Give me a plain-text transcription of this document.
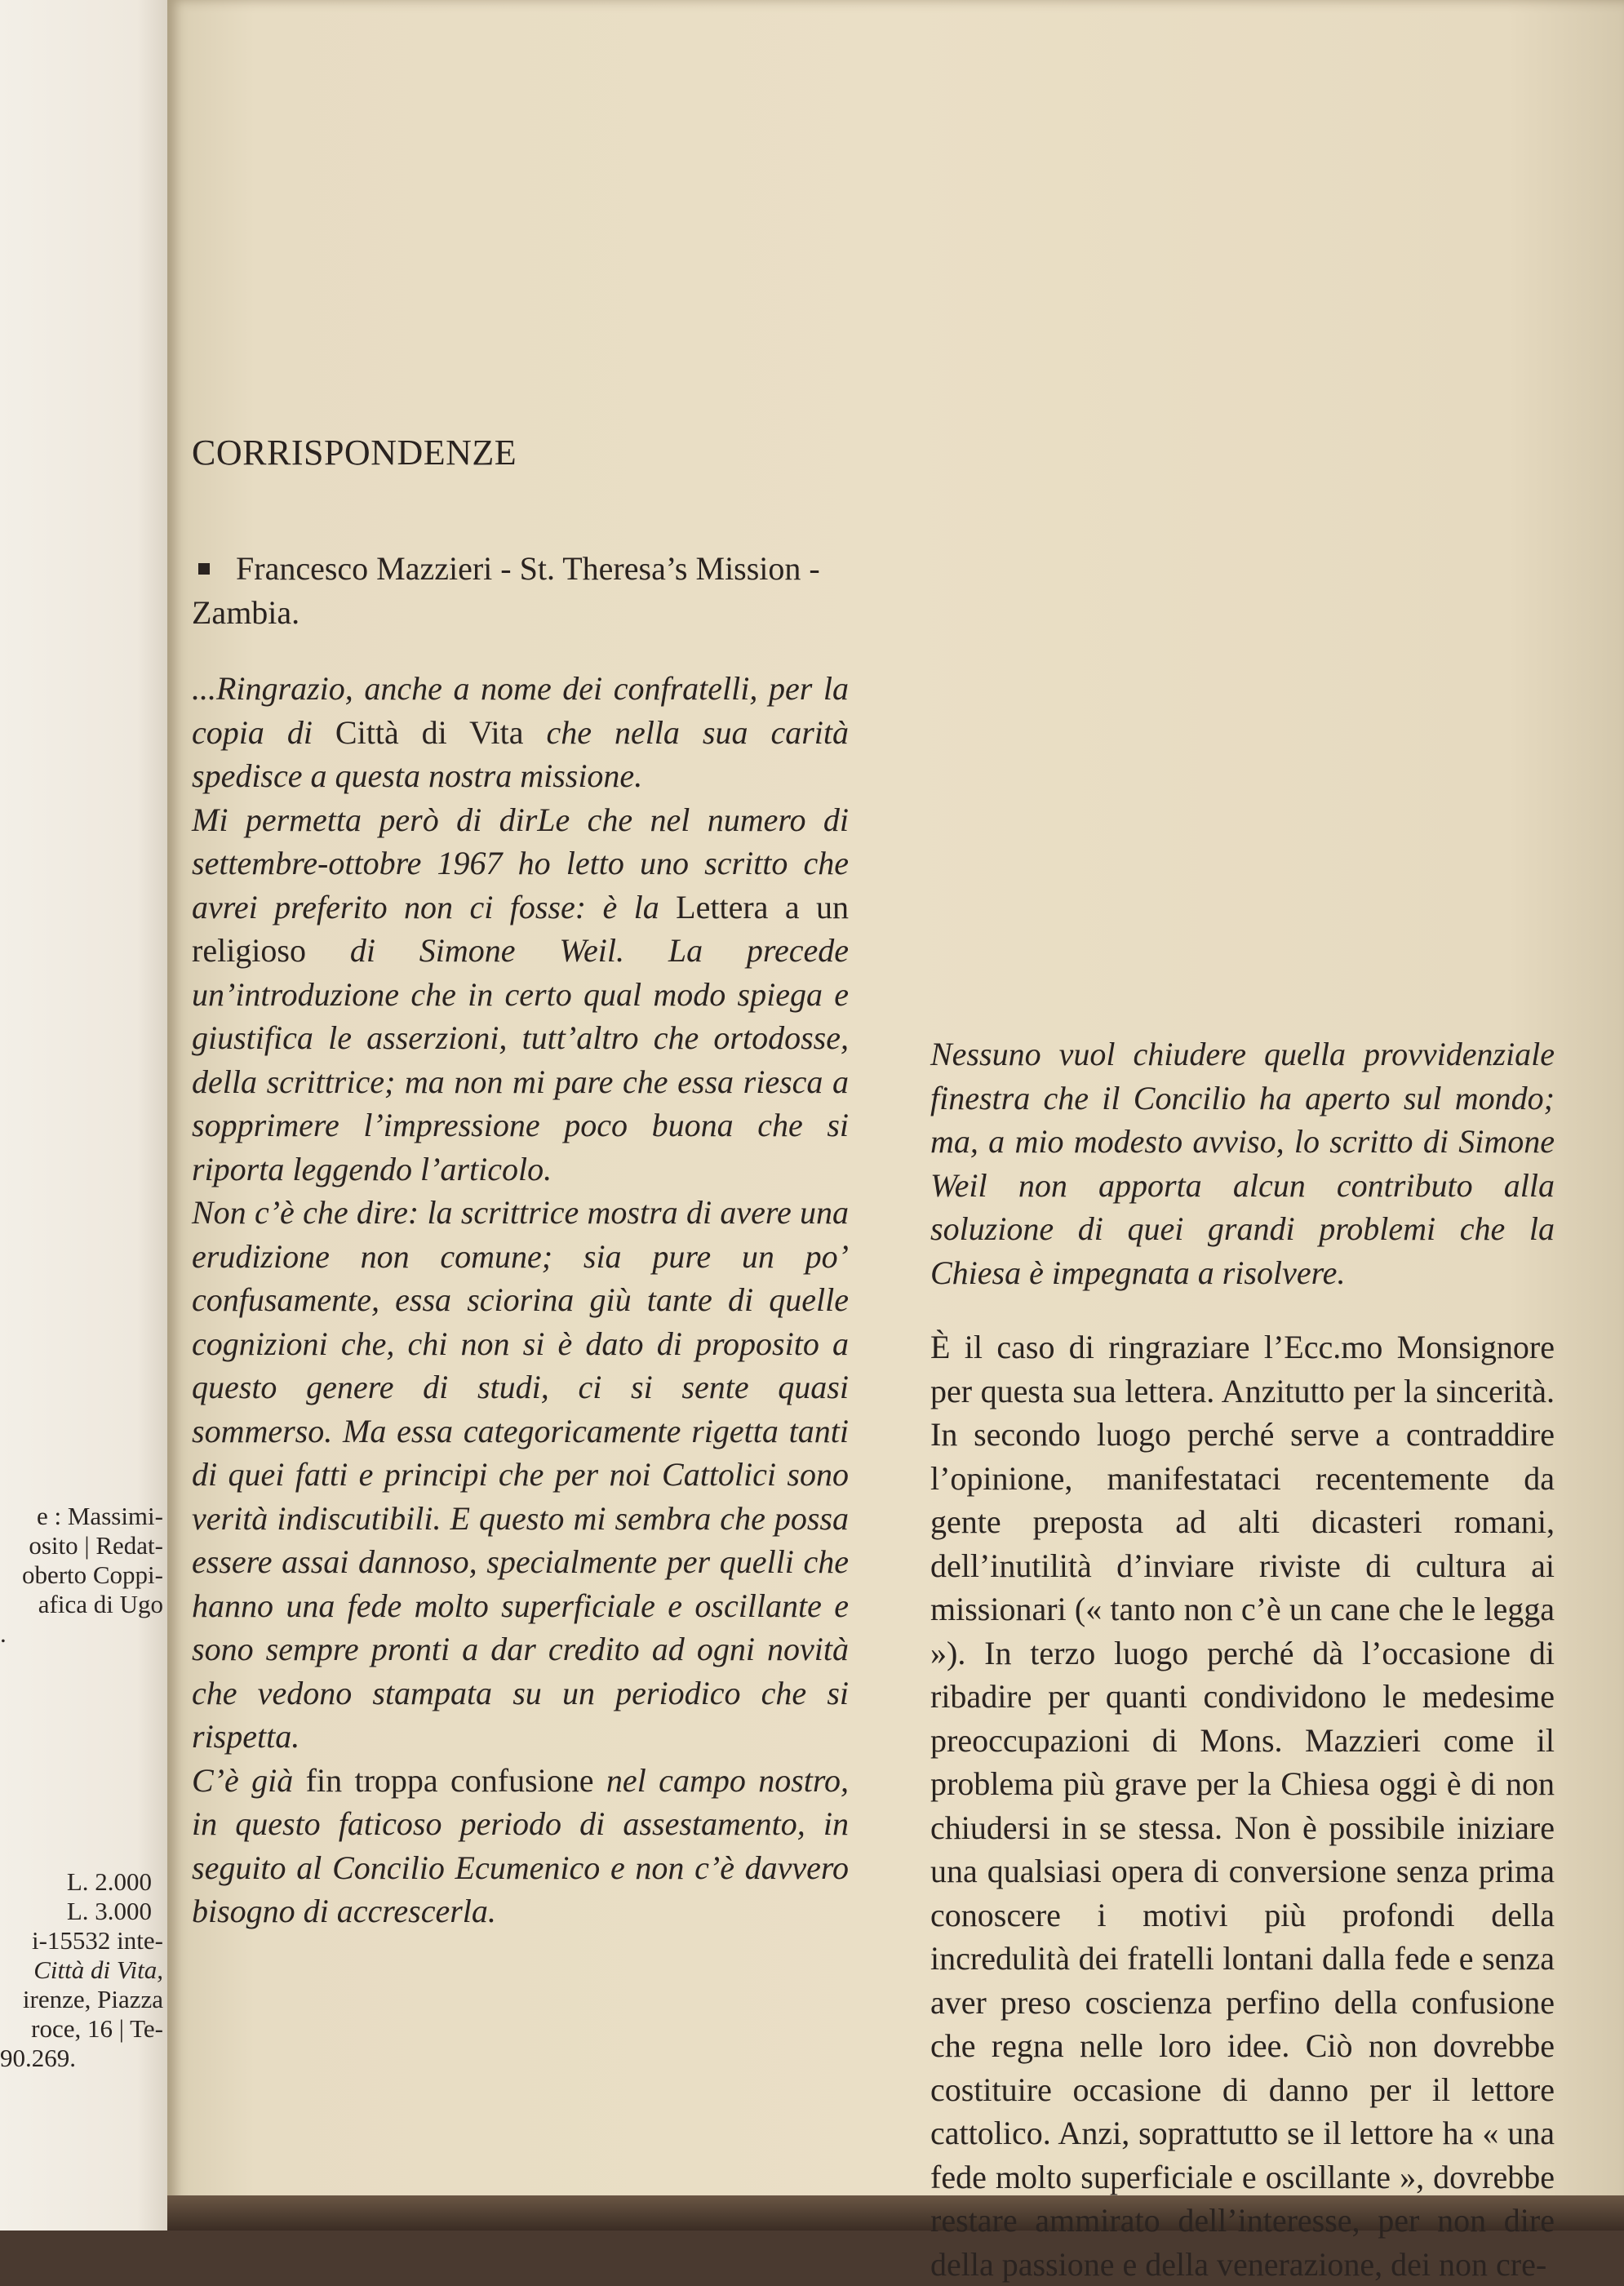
e : Massimi-
osito | Redat-
oberto Coppi-
afica di Ugo
.
L. 2.000
L. 3.000
i-15532 inte-
Città di Vita,
irenze, Piazza
roce, 16 | Te-
90.269.
CORRISPONDENZE

Francesco Mazzieri - St. Theresa’s Mission - Zambia.

...Ringrazio, anche a nome dei confratelli, per la copia di Città di Vita che nella sua carità spedisce a questa nostra missione.

Mi permetta però di dirLe che nel numero di settembre-ottobre 1967 ho letto uno scritto che avrei preferito non ci fosse: è la Lettera a un religioso di Simone Weil. La precede un’introduzione che in certo qual modo spiega e giustifica le asserzioni, tutt’altro che ortodosse, della scrittrice; ma non mi pare che essa riesca a sopprimere l’impressione poco buona che si riporta leggendo l’articolo.

Non c’è che dire: la scrittrice mostra di avere una erudizione non comune; sia pure un po’ confusamente, essa sciorina giù tante di quelle cognizioni che, chi non si è dato di proposito a questo genere di studi, ci si sente quasi sommerso. Ma essa categoricamente rigetta tanti di quei fatti e principi che per noi Cattolici sono verità indiscutibili. E questo mi sembra che possa essere assai dannoso, specialmente per quelli che hanno una fede molto superficiale e oscillante e sono sempre pronti a dar credito ad ogni novità che vedono stampata su un periodico che si rispetta.

C’è già fin troppa confusione nel campo nostro, in questo faticoso periodo di assestamento, in seguito al Concilio Ecumenico e non c’è davvero bisogno di accrescerla.

Nessuno vuol chiudere quella provvidenziale finestra che il Concilio ha aperto sul mondo; ma, a mio modesto avviso, lo scritto di Simone Weil non apporta alcun contributo alla soluzione di quei grandi problemi che la Chiesa è impegnata a risolvere.

È il caso di ringraziare l’Ecc.mo Monsignore per questa sua lettera. Anzitutto per la sincerità. In secondo luogo perché serve a contraddire l’opinione, manifestataci recentemente da gente preposta ad alti dicasteri romani, dell’inutilità d’inviare riviste di cultura ai missionari (« tanto non c’è un cane che le legga »). In terzo luogo perché dà l’occasione di ribadire per quanti condividono le medesime preoccupazioni di Mons. Mazzieri come il problema più grave per la Chiesa oggi è di non chiudersi in se stessa. Non è possibile iniziare una qualsiasi opera di conversione senza prima conoscere i motivi più profondi della incredulità dei fratelli lontani dalla fede e senza aver preso coscienza perfino della confusione che regna nelle loro idee. Ciò non dovrebbe costituire occasione di danno per il lettore cattolico. Anzi, soprattutto se il lettore ha « una fede molto superficiale e oscillante », dovrebbe restare ammirato dell’interesse, per non dire della passione e della venerazione, dei non cre-
